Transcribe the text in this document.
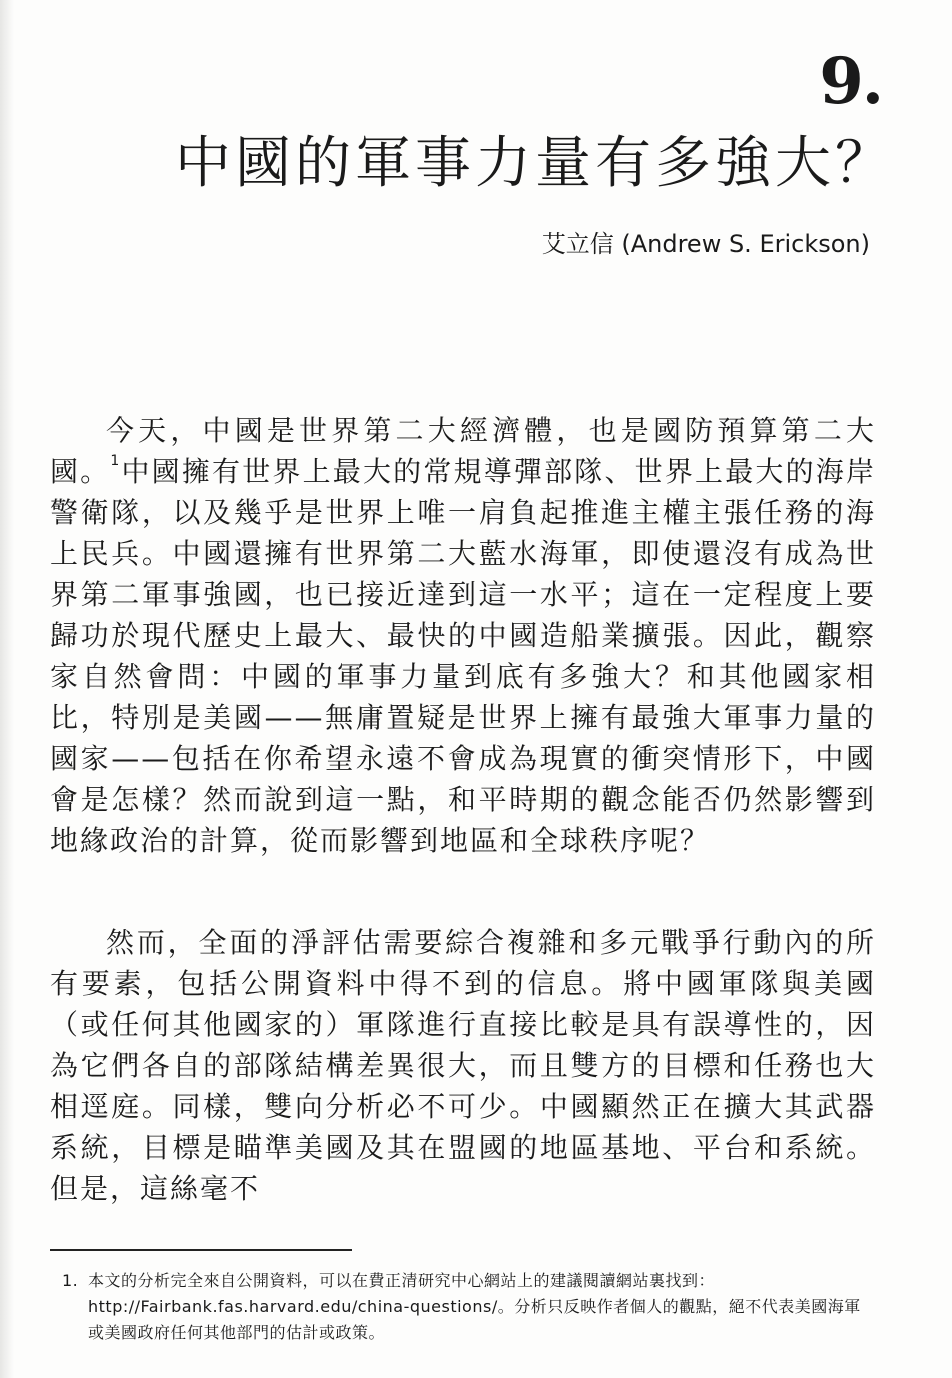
9.
中國的軍事力量有多強大？
艾立信 (Andrew S. Erickson)
今天，中國是世界第二大經濟體，也是國防預算第二大國。$^1$中國擁有世界上最大的常規導彈部隊、世界上最大的海岸警衛隊，以及幾乎是世界上唯一肩負起推進主權主張任務的海上民兵。中國還擁有世界第二大藍水海軍，即使還沒有成為世界第二軍事強國，也已接近達到這一水平；這在一定程度上要歸功於現代歷史上最大、最快的中國造船業擴張。因此，觀察家自然會問：中國的軍事力量到底有多強大？和其他國家相比，特別是美國——無庸置疑是世界上擁有最強大軍事力量的國家——包括在你希望永遠不會成為現實的衝突情形下，中國會是怎樣？然而說到這一點，和平時期的觀念能否仍然影響到地緣政治的計算，從而影響到地區和全球秩序呢？
然而，全面的淨評估需要綜合複雜和多元戰爭行動內的所有要素，包括公開資料中得不到的信息。將中國軍隊與美國（或任何其他國家的）軍隊進行直接比較是具有誤導性的，因為它們各自的部隊結構差異很大，而且雙方的目標和任務也大相逕庭。同樣，雙向分析必不可少。中國顯然正在擴大其武器系統，目標是瞄準美國及其在盟國的地區基地、平台和系統。但是，這絲毫不
1. 本文的分析完全來自公開資料，可以在費正清研究中心網站上的建議閱讀網站裏找到：http://Fairbank.fas.harvard.edu/china-questions/。分析只反映作者個人的觀點，絕不代表美國海軍或美國政府任何其他部門的估計或政策。
